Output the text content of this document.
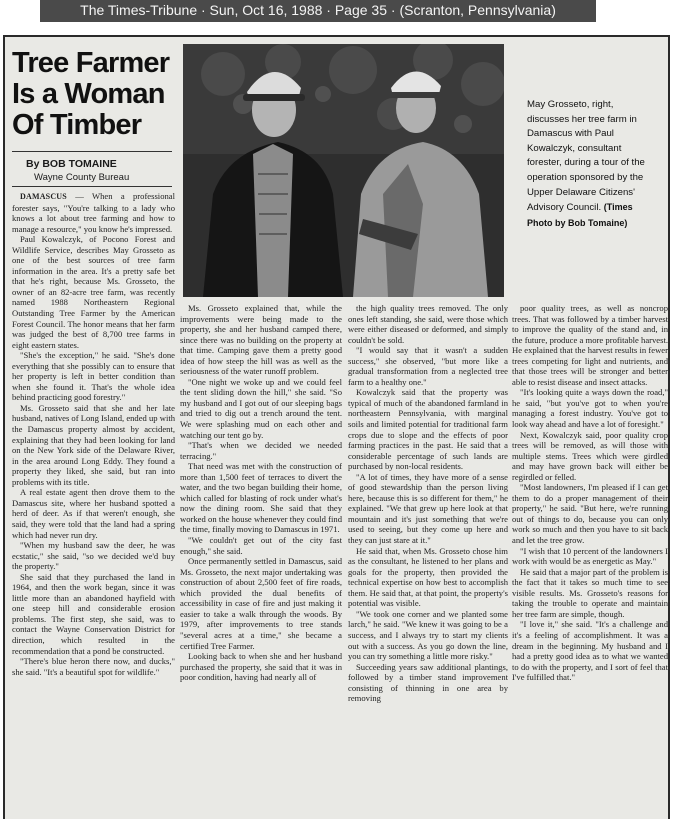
The Times-Tribune · Sun, Oct 16, 1988 · Page 35 · (Scranton, Pennsylvania)
Tree Farmer
Is a Woman
Of Timber
By BOB TOMAINE
Wayne County Bureau
May Grosseto, right, discusses her tree farm in Damascus with Paul Kowalczyk, consultant forester, during a tour of the operation sponsored by the Upper Delaware Citizens' Advisory Council. (Times Photo by Bob Tomaine)

DAMASCUS — When a professional forester says, "You're talking to a lady who knows a lot about tree farming and how to manage a resource," you know he's impressed.

Paul Kowalczyk, of Pocono Forest and Wildlife Service, describes May Grosseto as one of the best sources of tree farm information in the area. It's a pretty safe bet that he's right, because Ms. Grosseto, the owner of an 82-acre tree farm, was recently named 1988 Northeastern Regional Outstanding Tree Farmer by the American Forest Council. The honor means that her farm was judged the best of 8,700 tree farms in eight eastern states.

"She's the exception," he said. "She's done everything that she possibly can to ensure that her property is left in better condition than when she found it. That's the whole idea behind practicing good forestry."

Ms. Grosseto said that she and her late husband, natives of Long Island, ended up with the Damascus property almost by accident, explaining that they had been looking for land on the New York side of the Delaware River, in the area around Long Eddy. They found a property they liked, she said, but ran into problems with its title.

A real estate agent then drove them to the Damascus site, where her husband spotted a herd of deer. As if that weren't enough, she said, they were told that the land had a spring which had never run dry.

"When my husband saw the deer, he was ecstatic," she said, "so we decided we'd buy the property."

She said that they purchased the land in 1964, and then the work began, since it was little more than an abandoned hayfield with one steep hill and considerable erosion problems. The first step, she said, was to contact the Wayne Conservation District for direction, which resulted in the recommendation that a pond be constructed.

"There's blue heron there now, and ducks," she said. "It's a beautiful spot for wildlife."

Ms. Grosseto explained that, while the improvements were being made to the property, she and her husband camped there, since there was no building on the property at that time. Camping gave them a pretty good idea of how steep the hill was as well as the seriousness of the water runoff problem.

"One night we woke up and we could feel the tent sliding down the hill," she said. "So my husband and I got out of our sleeping bags and tried to dig out a trench around the tent. We were splashing mud on each other and watching our tent go by.

"That's when we decided we needed terracing."

That need was met with the construction of more than 1,500 feet of terraces to divert the water, and the two began building their home, which called for blasting of rock under what's now the dining room. She said that they worked on the house whenever they could find the time, finally moving to Damascus in 1971.

"We couldn't get out of the city fast enough," she said.

Once permanently settled in Damascus, said Ms. Grosseto, the next major undertaking was construction of about 2,500 feet of fire roads, which provided the dual benefits of accessibility in case of fire and just making it easier to take a walk through the woods. By 1979, after improvements to tree stands "several acres at a time," she became a certified Tree Farmer.

Looking back to when she and her husband purchased the property, she said that it was in poor condition, having had nearly all of

the high quality trees removed. The only ones left standing, she said, were those which were either diseased or deformed, and simply couldn't be sold.

"I would say that it wasn't a sudden success," she observed, "but more like a gradual transformation from a neglected tree farm to a healthy one."

Kowalczyk said that the property was typical of much of the abandoned farmland in northeastern Pennsylvania, with marginal soils and limited potential for traditional farm crops due to slope and the effects of poor farming practices in the past. He said that a considerable percentage of such lands are purchased by non-local residents.

"A lot of times, they have more of a sense of good stewardship than the person living here, because this is so different for them," he explained. "We that grew up here look at that mountain and it's just something that we're used to seeing, but they come up here and they can just stare at it."

He said that, when Ms. Grosseto chose him as the consultant, he listened to her plans and goals for the property, then provided the technical expertise on how best to accomplish them. He said that, at that point, the property's potential was visible.

"We took one corner and we planted some larch," he said. "We knew it was going to be a success, and I always try to start my clients out with a success. As you go down the line, you can try something a little more risky."

Succeeding years saw additional plantings, followed by a timber stand improvement consisting of thinning in one area by removing

poor quality trees, as well as noncrop trees. That was followed by a timber harvest to improve the quality of the stand and, in the future, produce a more profitable harvest. He explained that the harvest results in fewer trees competing for light and nutrients, and that those trees will be stronger and better able to resist disease and insect attacks.

"It's looking quite a ways down the road," he said, "but you've got to when you're managing a forest industry. You've got to look way ahead and have a lot of foresight."

Next, Kowalczyk said, poor quality crop trees will be removed, as will those with multiple stems. Trees which were girdled and may have grown back will either be regirdled or felled.

"Most landowners, I'm pleased if I can get them to do a proper management of their property," he said. "But here, we're running out of things to do, because you can only work so much and then you have to sit back and let the tree grow.

"I wish that 10 percent of the landowners I work with would be as energetic as May."

He said that a major part of the problem is the fact that it takes so much time to see visible results. Ms. Grosseto's reasons for taking the trouble to operate and maintain her tree farm are simple, though.

"I love it," she said. "It's a challenge and it's a feeling of accomplishment. It was a dream in the beginning. My husband and I had a pretty good idea as to what we wanted to do with the property, and I sort of feel that I've fulfilled that."
